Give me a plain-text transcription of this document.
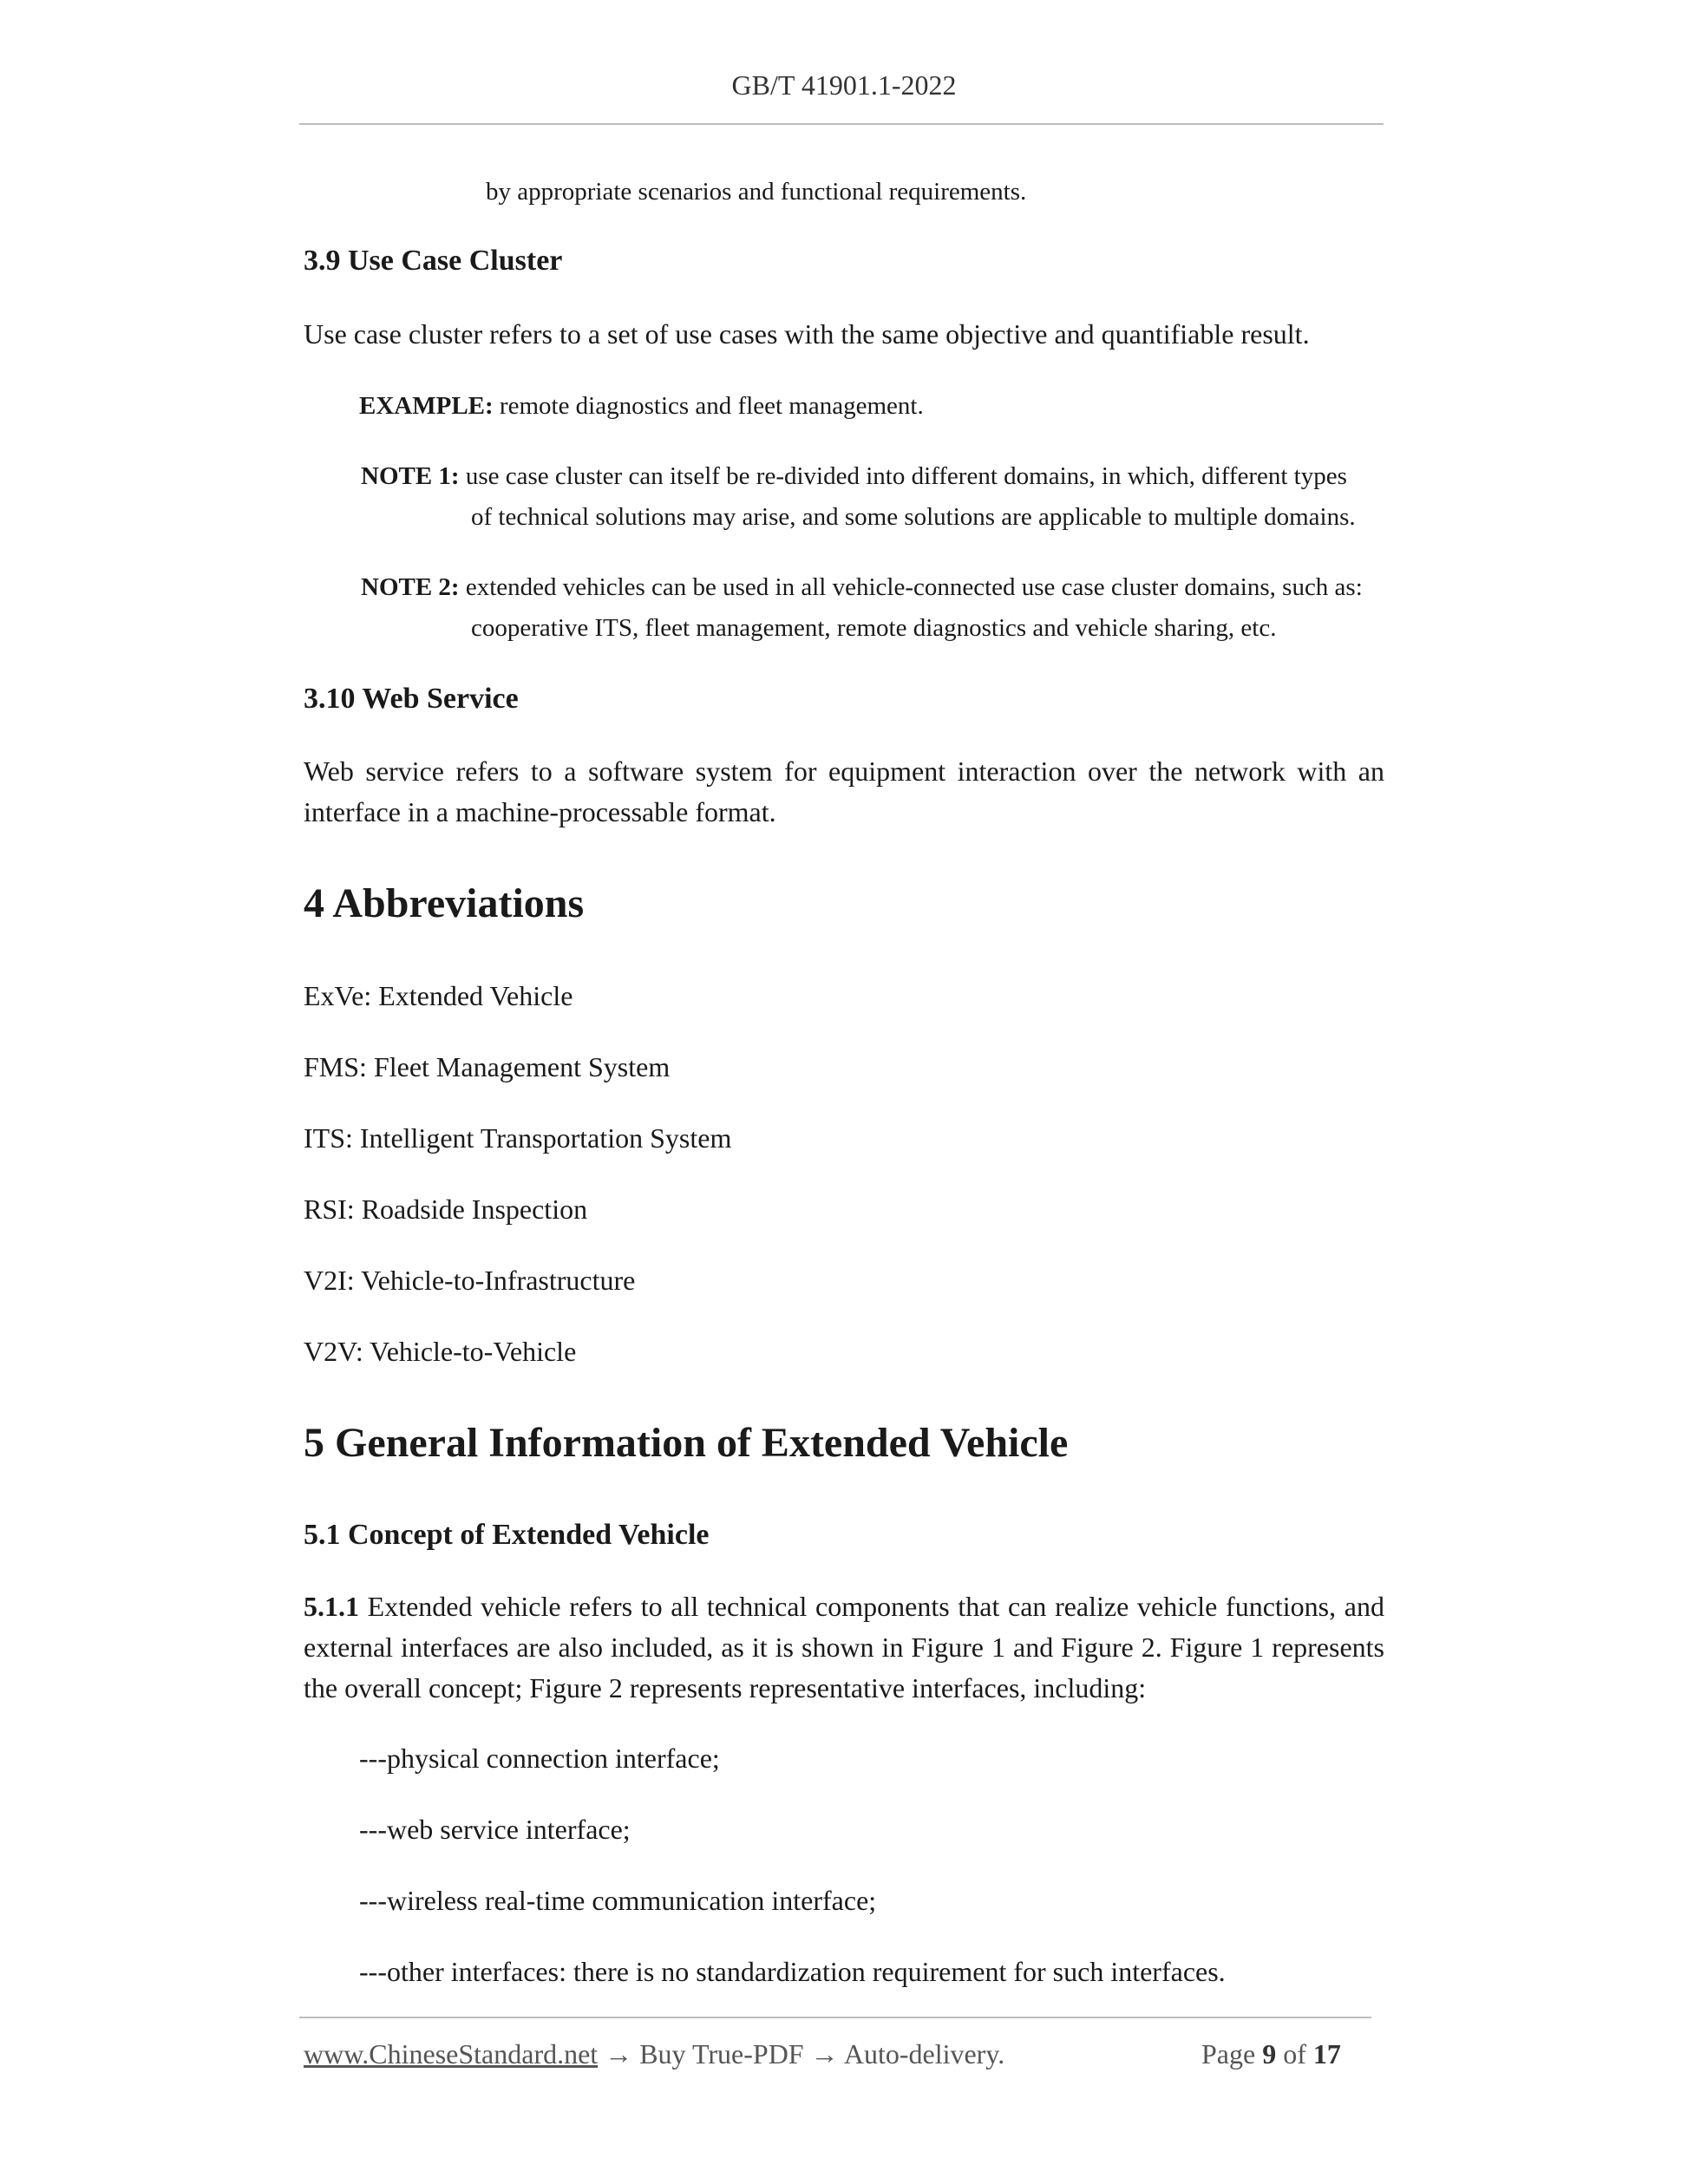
GB/T 41901.1-2022
by appropriate scenarios and functional requirements.
3.9 Use Case Cluster
Use case cluster refers to a set of use cases with the same objective and quantifiable result.
EXAMPLE: remote diagnostics and fleet management.
NOTE 1: use case cluster can itself be re-divided into different domains, in which, different types
of technical solutions may arise, and some solutions are applicable to multiple domains.
NOTE 2: extended vehicles can be used in all vehicle-connected use case cluster domains, such as:
cooperative ITS, fleet management, remote diagnostics and vehicle sharing, etc.
3.10 Web Service
Web service refers to a software system for equipment interaction over the network with an interface in a machine-processable format.
4 Abbreviations
ExVe: Extended Vehicle
FMS: Fleet Management System
ITS: Intelligent Transportation System
RSI: Roadside Inspection
V2I: Vehicle-to-Infrastructure
V2V: Vehicle-to-Vehicle
5 General Information of Extended Vehicle
5.1 Concept of Extended Vehicle
5.1.1 Extended vehicle refers to all technical components that can realize vehicle functions, and external interfaces are also included, as it is shown in Figure 1 and Figure 2. Figure 1 represents the overall concept; Figure 2 represents representative interfaces, including:
---physical connection interface;
---web service interface;
---wireless real-time communication interface;
---other interfaces: there is no standardization requirement for such interfaces.
www.ChineseStandard.net → Buy True-PDF → Auto-delivery.	Page 9 of 17
